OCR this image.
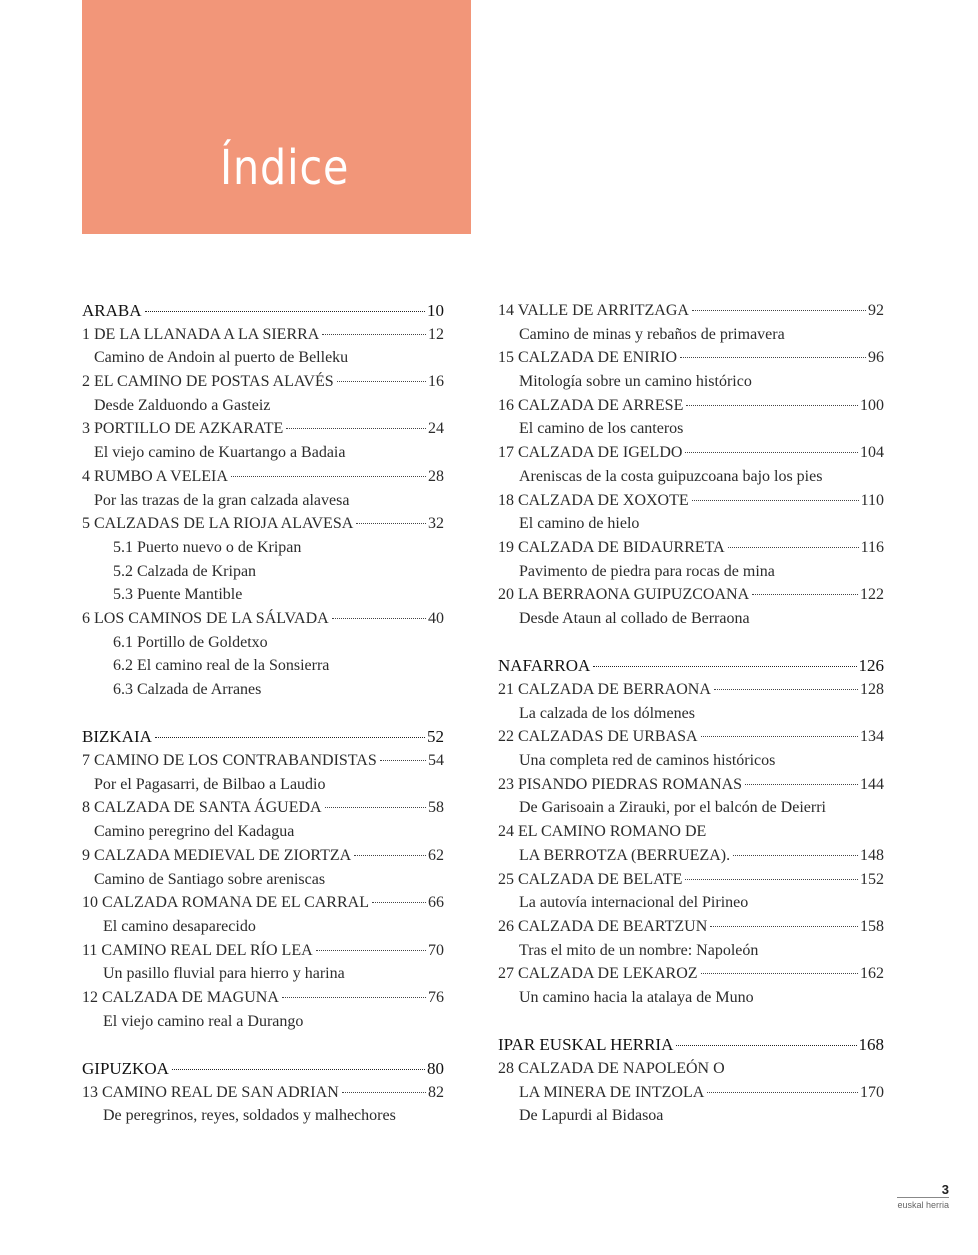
Índice
ARABA	10
1 DE LA LLANADA A LA SIERRA	12
Camino de Andoin al puerto de Belleku
2 EL CAMINO DE POSTAS ALAVÉS	16
Desde Zalduondo a Gasteiz
3 PORTILLO DE AZKARATE	24
El viejo camino de Kuartango a Badaia
4 RUMBO A VELEIA	28
Por las trazas de la gran calzada alavesa
5 CALZADAS DE LA RIOJA ALAVESA	32
5.1 Puerto nuevo o de Kripan
5.2 Calzada de Kripan
5.3 Puente Mantible
6 LOS CAMINOS DE LA SÁLVADA	40
6.1 Portillo de Goldetxo
6.2 El camino real de la Sonsierra
6.3 Calzada de Arranes
BIZKAIA	52
7 CAMINO DE LOS CONTRABANDISTAS	54
Por el Pagasarri, de Bilbao a Laudio
8 CALZADA DE SANTA ÁGUEDA	58
Camino peregrino del Kadagua
9 CALZADA MEDIEVAL DE ZIORTZA	62
Camino de Santiago sobre areniscas
10 CALZADA ROMANA DE EL CARRAL	66
El camino desaparecido
11 CAMINO REAL DEL RÍO LEA	70
Un pasillo fluvial para hierro y harina
12 CALZADA DE MAGUNA	76
El viejo camino real a Durango
GIPUZKOA	80
13 CAMINO REAL DE SAN ADRIAN	82
De peregrinos, reyes, soldados y malhechores
14 VALLE DE ARRITZAGA	92
Camino de minas y rebaños de primavera
15 CALZADA DE ENIRIO	96
Mitología sobre un camino histórico
16 CALZADA DE ARRESE	100
El camino de los canteros
17 CALZADA DE IGELDO	104
Areniscas de la costa guipuzcoana bajo los pies
18 CALZADA DE XOXOTE	110
El camino de hielo
19 CALZADA DE BIDAURRETA	116
Pavimento de piedra para rocas de mina
20 LA BERRAONA GUIPUZCOANA	122
Desde Ataun al collado de Berraona
NAFARROA	126
21 CALZADA DE BERRAONA	128
La calzada de los dólmenes
22 CALZADAS DE URBASA	134
Una completa red de caminos históricos
23 PISANDO PIEDRAS ROMANAS	144
De Garisoain a Zirauki, por el balcón de Deierri
24 EL CAMINO ROMANO DE
LA BERROTZA (BERRUEZA).	148
25 CALZADA DE BELATE	152
La autovía internacional del Pirineo
26 CALZADA DE BEARTZUN	158
Tras el mito de un nombre: Napoleón
27 CALZADA DE LEKAROZ	162
Un camino hacia la atalaya de Muno
IPAR EUSKAL HERRIA	168
28 CALZADA DE NAPOLEÓN O
LA MINERA DE INTZOLA	170
De Lapurdi al Bidasoa
3
euskal herria
